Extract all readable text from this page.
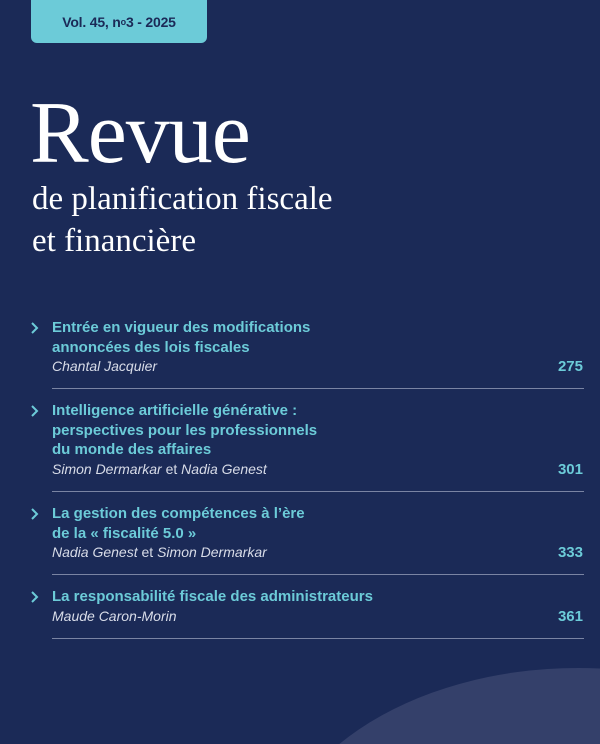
Vol. 45, n o 3 - 2025
Revue
de planification fiscale
et financière
Entrée en vigueur des modifications
annoncées des lois fiscales
Chantal Jacquier	275
Intelligence artificielle générative :
perspectives pour les professionnels
du monde des affaires
Simon Dermarkar et Nadia Genest	301
La gestion des compétences à l’ère
de la « fiscalité 5.0 »
Nadia Genest et Simon Dermarkar	333
La responsabilité fiscale des administrateurs
Maude Caron-Morin	361
